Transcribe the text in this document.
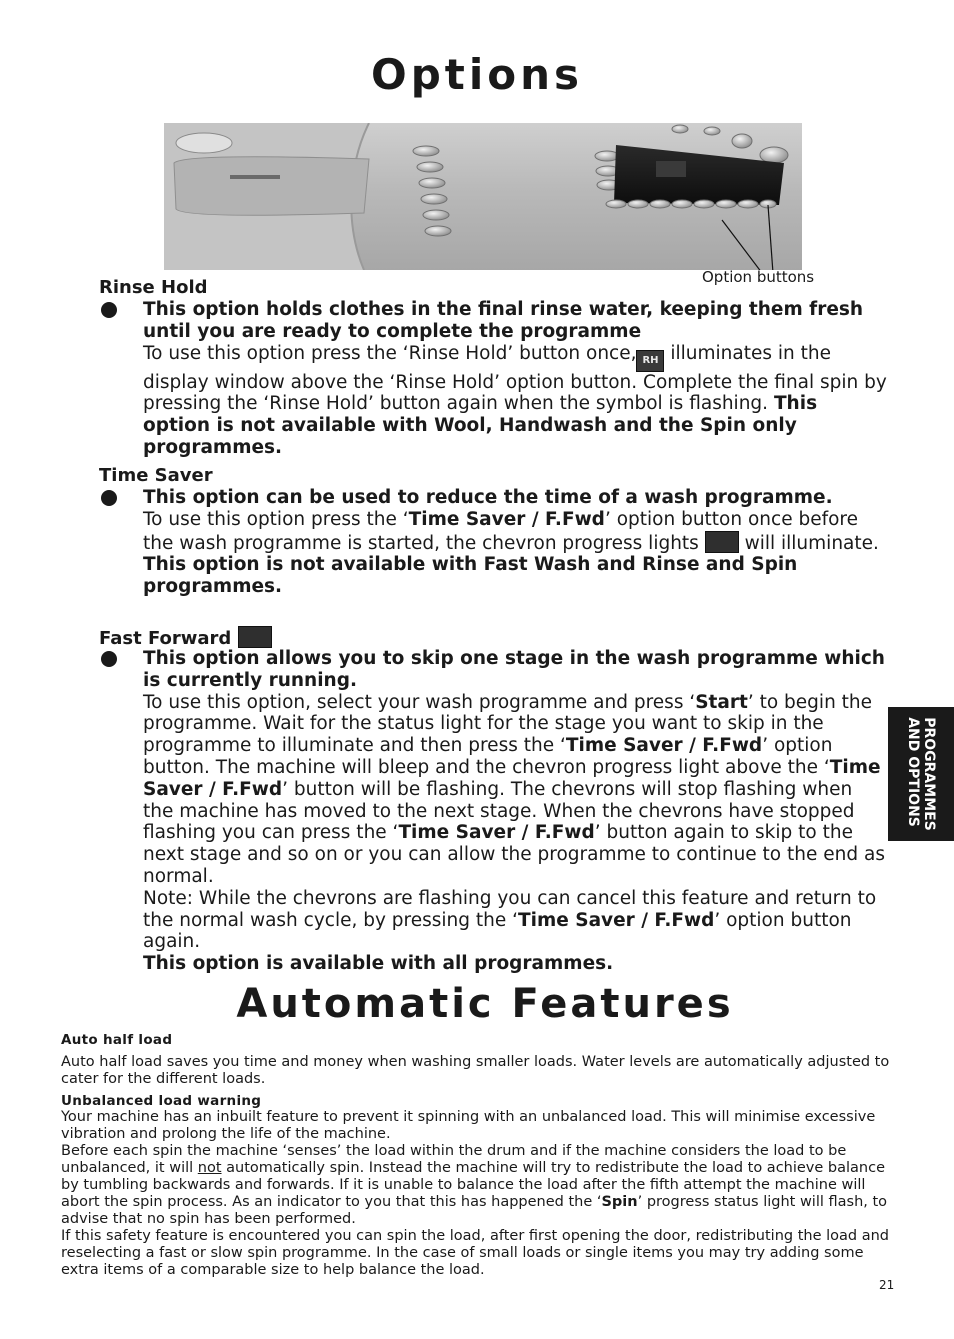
Options
Option buttons
Rinse Hold

This option holds clothes in the final rinse water, keeping them fresh until you are ready to complete the programme

To use this option press the ‘Rinse Hold’ button once, RH illuminates in the display window above the ‘Rinse Hold’ option button. Complete the final spin by pressing the ‘Rinse Hold’ button again when the symbol is flashing. This option is not available with Wool, Handwash and the Spin only programmes.

Time Saver

This option can be used to reduce the time of a wash programme.

To use this option press the ‘Time Saver / F.Fwd’ option button once before the wash programme is started, the chevron progress lights  will illuminate.

This option is not available with Fast Wash and Rinse and Spin programmes.

Fast Forward

This option allows you to skip one stage in the wash programme which is currently running.

To use this option, select your wash programme and press ‘Start’ to begin the programme. Wait for the status light for the stage you want to skip in the programme to illuminate and then press the ‘Time Saver / F.Fwd’ option button. The machine will bleep and the chevron progress light above the ‘Time Saver / F.Fwd’ button will be flashing. The chevrons will stop flashing when the machine has moved to the next stage. When the chevrons have stopped flashing you can press the ‘Time Saver / F.Fwd’ button again to skip to the next stage and so on or you can allow the programme to continue to the end as normal.

Note: While the chevrons are flashing you can cancel this feature and return to the normal wash cycle, by pressing the ‘Time Saver / F.Fwd’ option button again.

This option is available with all programmes.

PROGRAMMES
AND OPTIONS
Automatic Features
Auto half load

Auto half load saves you time and money when washing smaller loads. Water levels are automatically adjusted to cater for the different loads.

Unbalanced load warning

Your machine has an inbuilt feature to prevent it spinning with an unbalanced load. This will minimise excessive vibration and prolong the life of the machine.

Before each spin the machine ‘senses’ the load within the drum and if the machine considers the load to be unbalanced, it will not automatically spin. Instead the machine will try to redistribute the load to achieve balance by tumbling backwards and forwards. If it is unable to balance the load after the fifth attempt the machine will abort the spin process. As an indicator to you that this has happened the ‘Spin’ progress status light will flash, to advise that no spin has been performed.

If this safety feature is encountered you can spin the load, after first opening the door, redistributing the load and reselecting a fast or slow spin programme. In the case of small loads or single items you may try adding some extra items of a comparable size to help balance the load.

21
